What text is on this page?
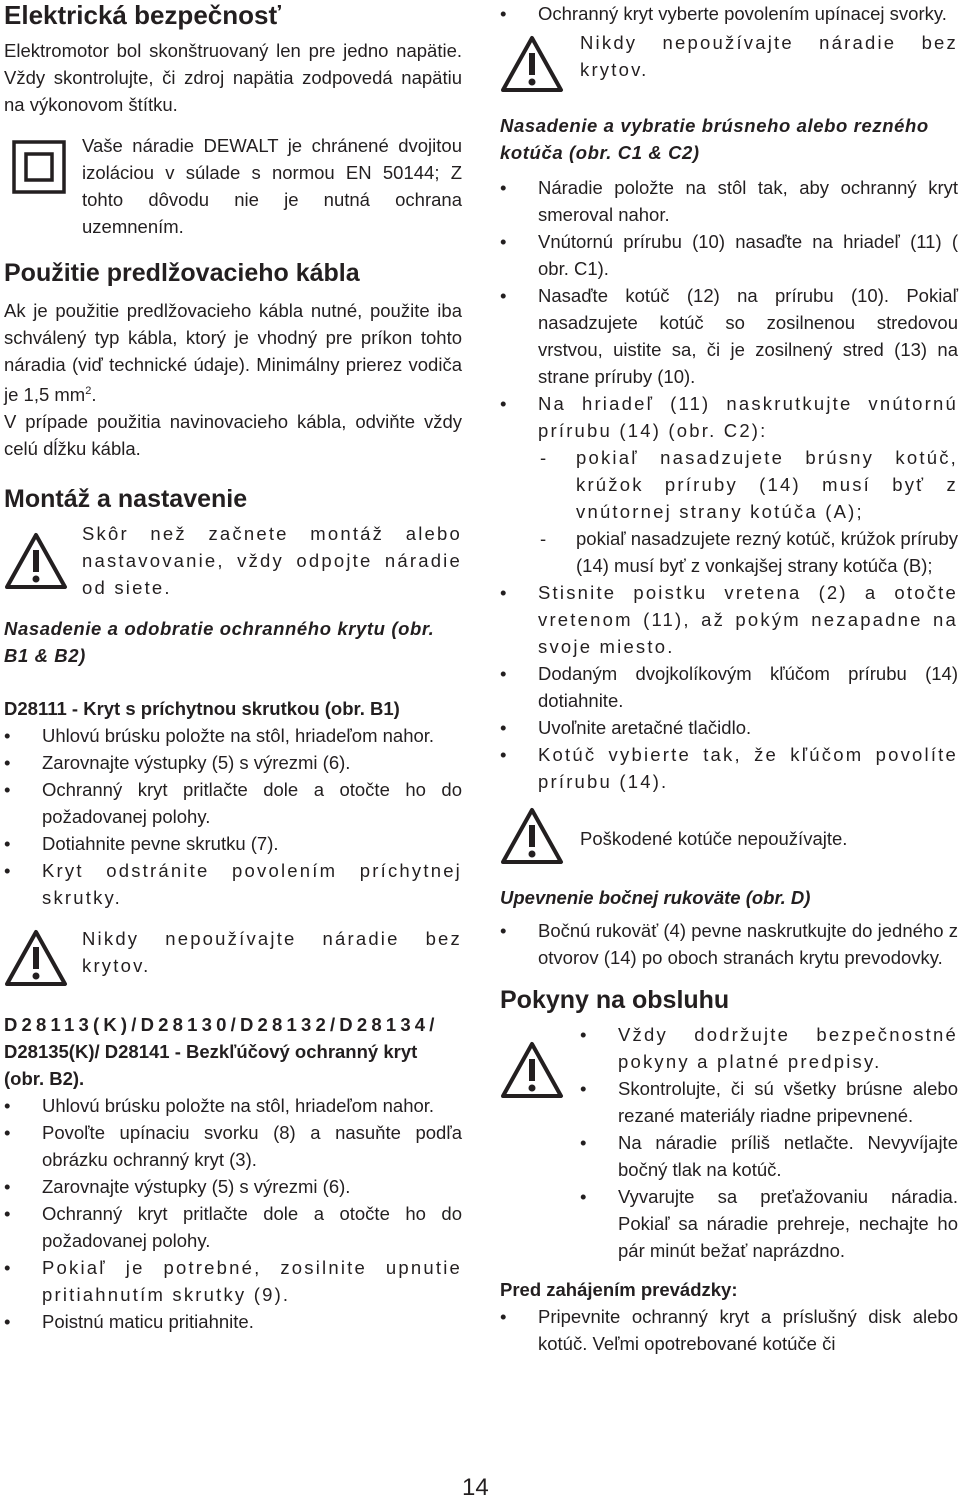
Elektrická bezpečnosť

Elektromotor bol skonštruovaný len pre jedno napätie. Vždy skontrolujte, či zdroj napätia zodpovedá napätiu na výkonovom štítku.

Vaše náradie DEWALT je chránené dvojitou izoláciou v súlade s normou EN 50144; Z tohto dôvodu nie je nutná ochrana uzemnením.
Použitie predlžovacieho kábla

Ak je použitie predlžovacieho kábla nutné, použite iba schválený typ kábla, ktorý je vhodný pre príkon tohto náradia (viď technické údaje). Minimálny prierez vodiča je 1,5 $mm^2$.

V prípade použitia navinovacieho kábla, odviňte vždy celú dĺžku kábla.

Montáž a nastavenie
Skôr než začnete montáž alebo nastavovanie, vždy odpojte náradie od siete.

Nasadenie a odobratie ochranného krytu (obr. B1 & B2)

D28111 - Kryt s príchytnou skrutkou (obr. B1)

• Uhlovú brúsku položte na stôl, hriadeľom nahor.
• Zarovnajte výstupky (5) s výrezmi (6).
• Ochranný kryt pritlačte dole a otočte ho do požadovanej polohy.
• Dotiahnite pevne skrutku (7).
• Kryt odstránite povolením príchytnej skrutky.
Nikdy nepoužívajte náradie bez krytov.

D28113(K)/D28130/D28132/D28134/
D28135(K)/ D28141 - Bezkľúčový ochranný kryt (obr. B2).

• Uhlovú brúsku položte na stôl, hriadeľom nahor.
• Povoľte upínaciu svorku (8) a nasuňte podľa obrázku ochranný kryt (3).
• Zarovnajte výstupky (5) s výrezmi (6).
• Ochranný kryt pritlačte dole a otočte ho do požadovanej polohy.
• Pokiaľ je potrebné, zosilnite upnutie pritiahnutím skrutky (9).
• Poistnú maticu pritiahnite.
• Ochranný kryt vyberte povolením upínacej svorky.
Nikdy nepoužívajte náradie bez krytov.

Nasadenie a vybratie brúsneho alebo rezného kotúča (obr. C1 & C2)

• Náradie položte na stôl tak, aby ochranný kryt smeroval nahor.
• Vnútornú prírubu (10) nasaďte na hriadeľ (11) ( obr. C1).
• Nasaďte kotúč (12) na prírubu (10). Pokiaľ nasadzujete kotúč so zosilnenou stredovou vrstvou, uistite sa, či je zosilnený stred (13) na strane príruby (10).
• Na hriadeľ (11) naskrutkujte vnútornú prírubu (14) (obr. C2):
- pokiaľ nasadzujete brúsny kotúč, krúžok príruby (14) musí byť z vnútornej strany kotúča (A);
- pokiaľ nasadzujete rezný kotúč, krúžok príruby (14) musí byť z vonkajšej strany kotúča (B);
• Stisnite poistku vretena (2) a otočte vretenom (11), až pokým nezapadne na svoje miesto.
• Dodaným dvojkolíkovým kľúčom prírubu (14) dotiahnite.
• Uvoľnite aretačné tlačidlo.
• Kotúč vybierte tak, že kľúčom povolíte prírubu (14).
Poškodené kotúče nepoužívajte.

Upevnenie bočnej rukoväte (obr. D)

• Bočnú rukoväť (4) pevne naskrutkujte do jedného z otvorov (14) po oboch stranách krytu prevodovky.
Pokyny na obsluhu
• Vždy dodržujte bezpečnostné pokyny a platné predpisy.
• Skontrolujte, či sú všetky brúsne alebo rezané materiály riadne pripevnené.
• Na náradie príliš netlačte. Nevyvíjajte bočný tlak na kotúč.
• Vyvarujte sa preťažovaniu náradia. Pokiaľ sa náradie prehreje, nechajte ho pár minút bežať naprázdno.

Pred zahájením prevádzky:

• Pripevnite ochranný kryt a príslušný disk alebo kotúč. Veľmi opotrebované kotúče či
14
